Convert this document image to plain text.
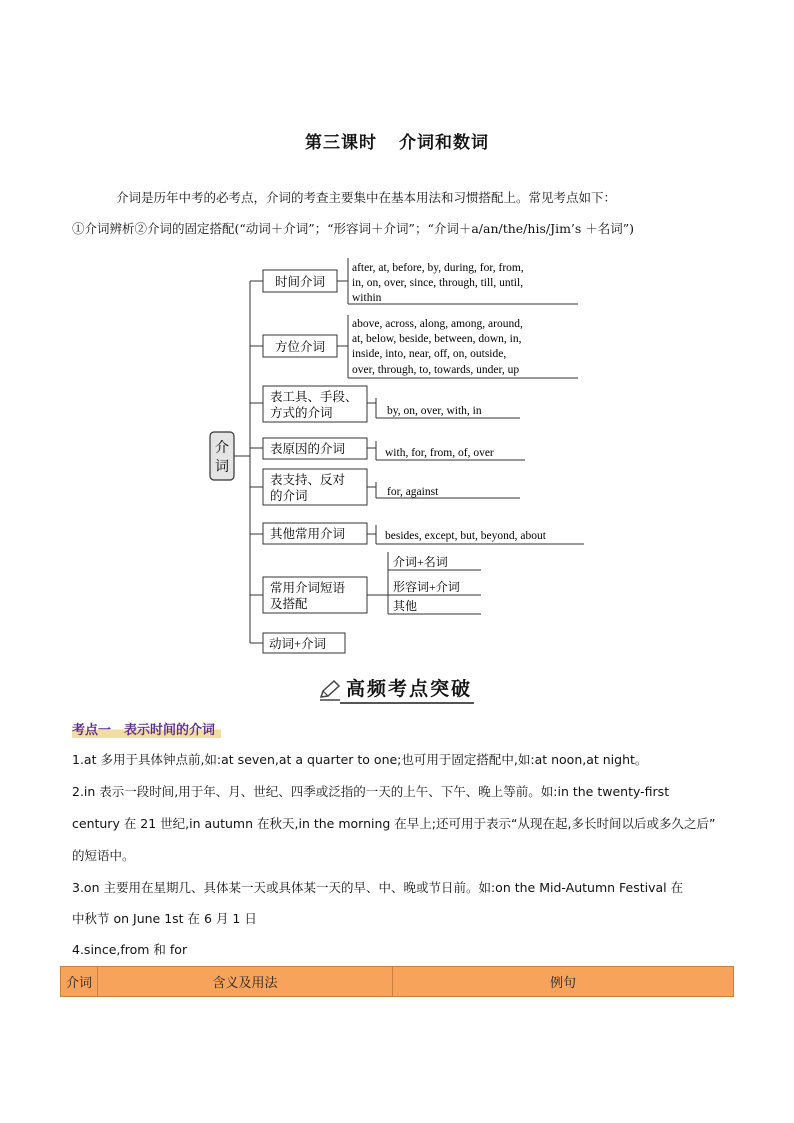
第三课时 介词和数词
介词是历年中考的必考点，介词的考查主要集中在基本用法和习惯搭配上。常见考点如下：
①介词辨析②介词的固定搭配(“动词＋介词”；“形容词＋介词”；“介词＋a/an/the/his/Jim’s ＋名词”)
介
词
时间介词
after, at, before, by, during, for, from,
in, on, over, since, through, till, until,
within
方位介词
above, across, along, among, around,
at, below, beside, between, down, in,
inside, into, near, off, on, outside,
over, through, to, towards, under, up
表工具、手段、
方式的介词	by, on, over, with, in
表原因的介词	with, for, from, of, over
表支持、反对
的介词	for, against
其他常用介词	besides, except, but, beyond, about
常用介词短语
及搭配
介词+名词
形容词+介词
其他
动词+介词
高频考点突破
考点一　表示时间的介词
1.at 多用于具体钟点前,如:at seven,at a quarter to one;也可用于固定搭配中,如:at noon,at night。
2.in 表示一段时间,用于年、月、世纪、四季或泛指的一天的上午、下午、晚上等前。如:in the twenty-first
century 在 21 世纪,in autumn 在秋天,in the morning 在早上;还可用于表示“从现在起,多长时间以后或多久之后”
的短语中。
3.on 主要用在星期几、具体某一天或具体某一天的早、中、晚或节日前。如:on the Mid-Autumn Festival 在
中秋节 on June 1st 在 6 月 1 日
4.since,from 和 for
介词	含义及用法	例句
